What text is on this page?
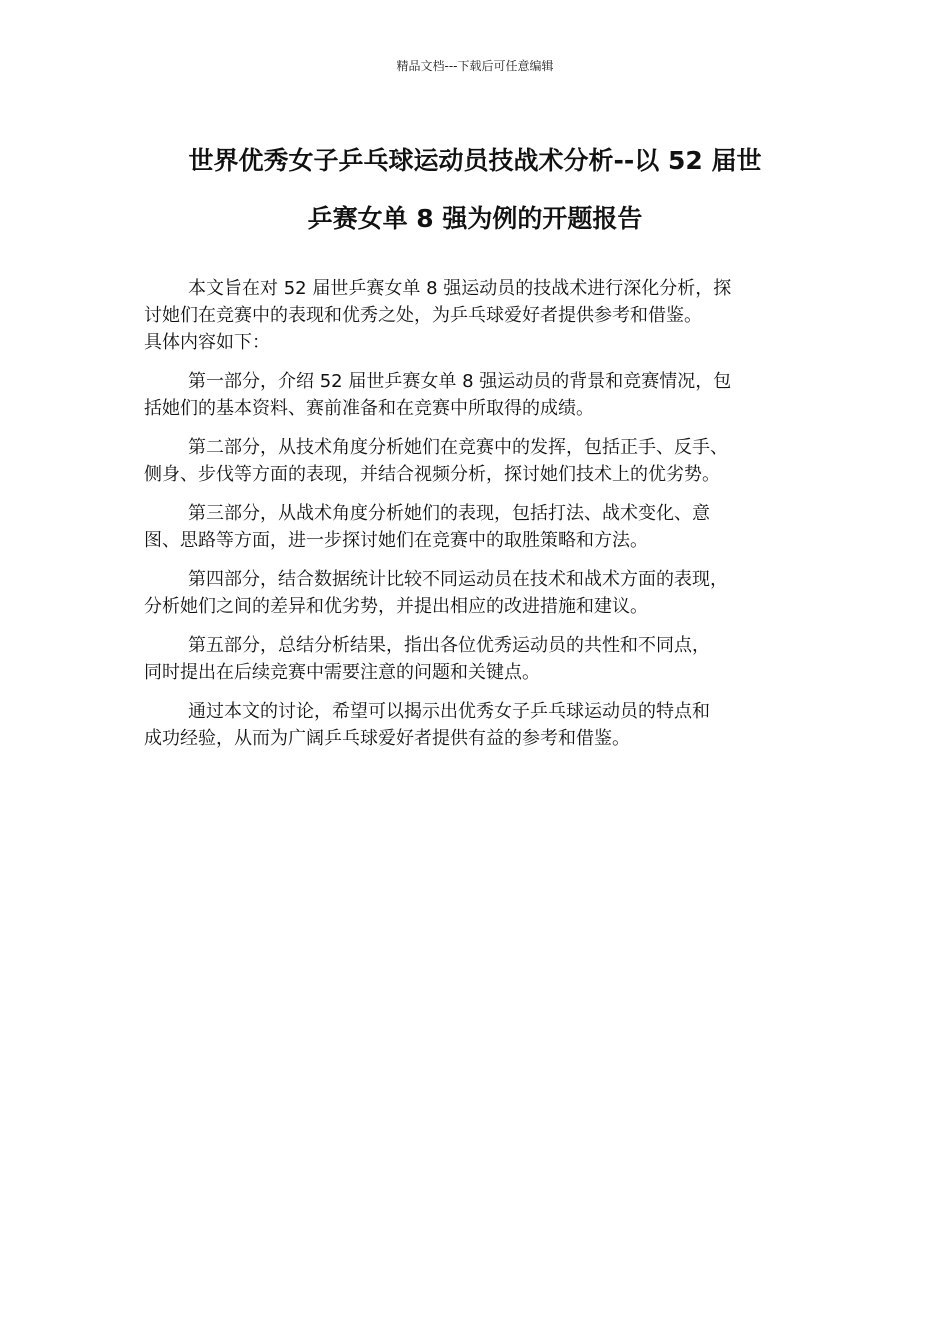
精品文档---下载后可任意编辑
世界优秀女子乒乓球运动员技战术分析--以 52 届世
乒赛女单 8 强为例的开题报告

本文旨在对 52 届世乒赛女单 8 强运动员的技战术进行深化分析，探
讨她们在竞赛中的表现和优秀之处，为乒乓球爱好者提供参考和借鉴。
具体内容如下：

第一部分，介绍 52 届世乒赛女单 8 强运动员的背景和竞赛情况，包
括她们的基本资料、赛前准备和在竞赛中所取得的成绩。

第二部分，从技术角度分析她们在竞赛中的发挥，包括正手、反手、
侧身、步伐等方面的表现，并结合视频分析，探讨她们技术上的优劣势。

第三部分，从战术角度分析她们的表现，包括打法、战术变化、意
图、思路等方面，进一步探讨她们在竞赛中的取胜策略和方法。

第四部分，结合数据统计比较不同运动员在技术和战术方面的表现，
分析她们之间的差异和优劣势，并提出相应的改进措施和建议。

第五部分，总结分析结果，指出各位优秀运动员的共性和不同点，
同时提出在后续竞赛中需要注意的问题和关键点。

通过本文的讨论，希望可以揭示出优秀女子乒乓球运动员的特点和
成功经验，从而为广阔乒乓球爱好者提供有益的参考和借鉴。
